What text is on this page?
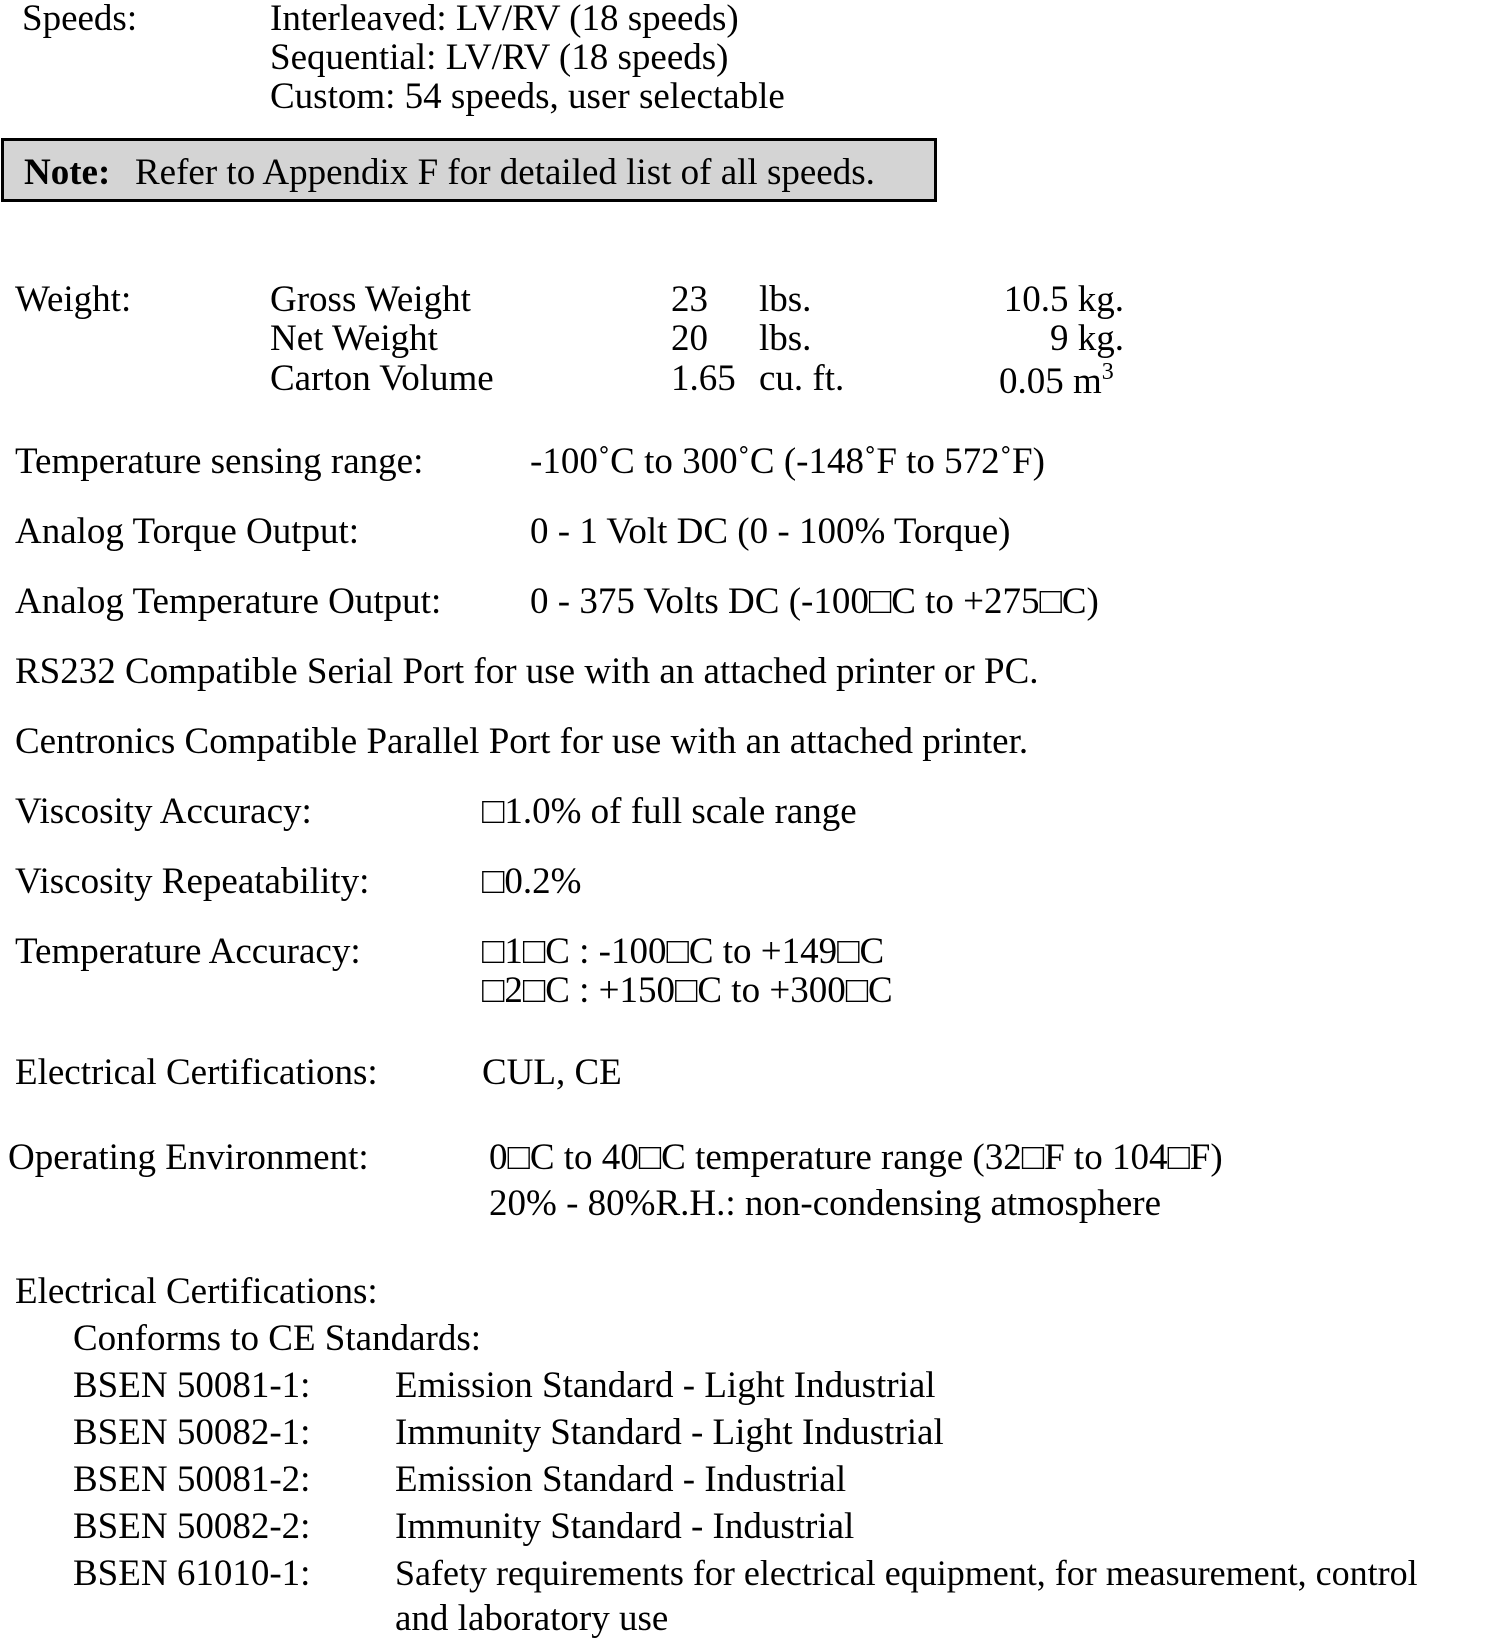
Speeds:	Interleaved: LV/RV (18 speeds)
Sequential: LV/RV (18 speeds)
Custom: 54 speeds, user selectable
Note: Refer to Appendix F for detailed list of all speeds.
Weight:	Gross Weight	23 lbs.	10.5 kg.
Net Weight	20 lbs.	9 kg.
Carton Volume	1.65 cu. ft.	0.05 $m^3$
Temperature sensing range:	-100˚C to 300˚C (-148˚F to 572˚F)
Analog Torque Output:	0 - 1 Volt DC (0 - 100% Torque)
Analog Temperature Output: 0 - 375 Volts DC (-100□C to +275□C)
RS232 Compatible Serial Port for use with an attached printer or PC.
Centronics Compatible Parallel Port for use with an attached printer.
Viscosity Accuracy:	□1.0% of full scale range
Viscosity Repeatability:	□0.2%
Temperature Accuracy:	□1□C : -100□C to +149□C
□2□C : +150□C to +300□C
Electrical Certifications:	CUL, CE
Operating Environment:	0□C to 40□C temperature range (32□F to 104□F)
20% - 80%R.H.: non-condensing atmosphere
Electrical Certifications:
Conforms to CE Standards:
BSEN 50081-1: Emission Standard - Light Industrial
BSEN 50082-1: Immunity Standard - Light Industrial
BSEN 50081-2: Emission Standard - Industrial
BSEN 50082-2: Immunity Standard - Industrial
BSEN 61010-1: Safety requirements for electrical equipment, for measurement, control
and laboratory use
